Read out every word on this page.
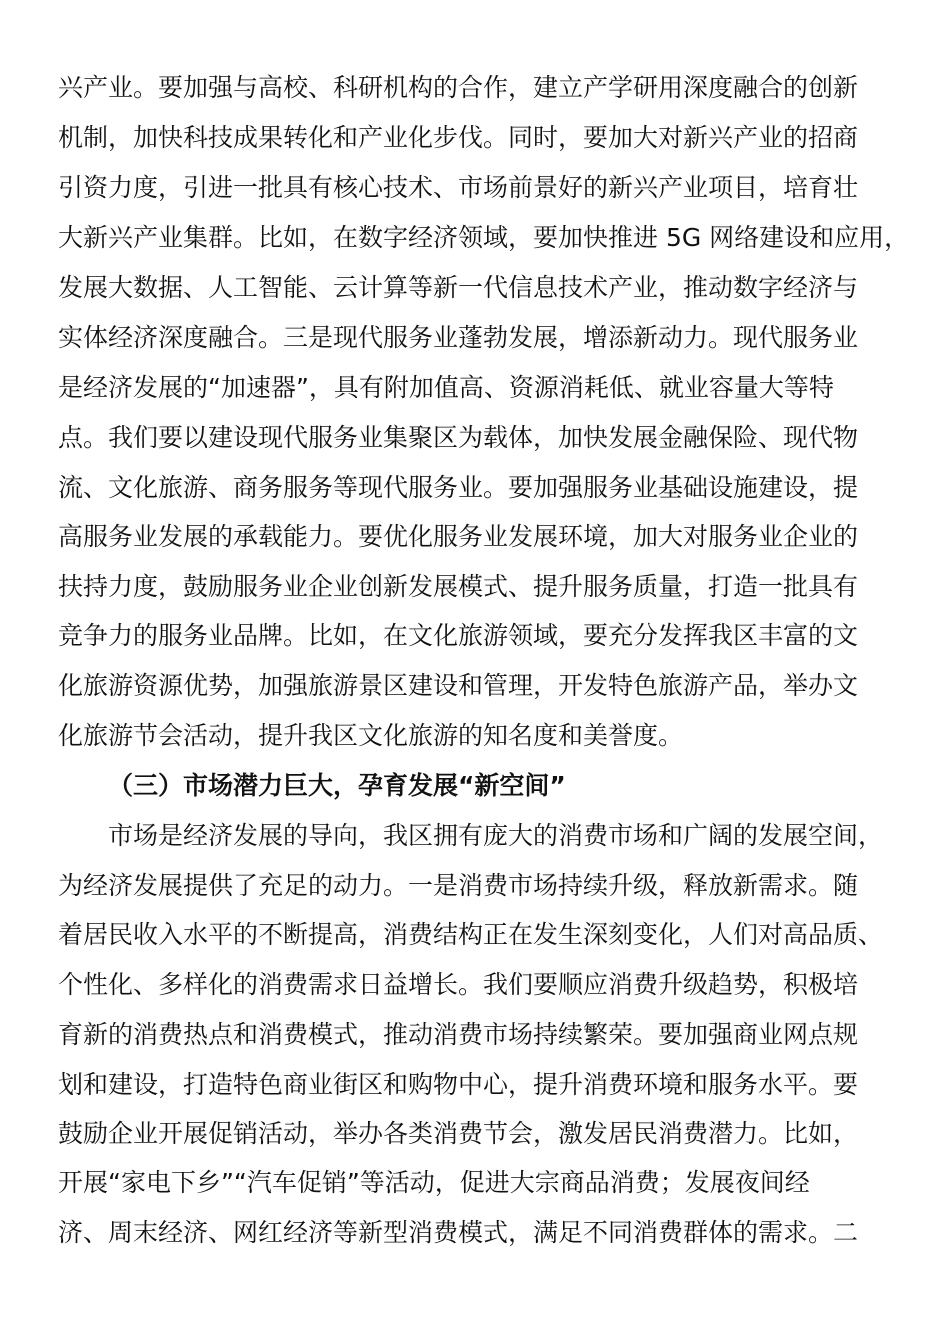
兴产业。要加强与高校、科研机构的合作，建立产学研用深度融合的创新
机制，加快科技成果转化和产业化步伐。同时，要加大对新兴产业的招商
引资力度，引进一批具有核心技术、市场前景好的新兴产业项目，培育壮
大新兴产业集群。比如，在数字经济领域，要加快推进 5G 网络建设和应用，
发展大数据、人工智能、云计算等新一代信息技术产业，推动数字经济与
实体经济深度融合。三是现代服务业蓬勃发展，增添新动力。现代服务业
是经济发展的“加速器”，具有附加值高、资源消耗低、就业容量大等特
点。我们要以建设现代服务业集聚区为载体，加快发展金融保险、现代物
流、文化旅游、商务服务等现代服务业。要加强服务业基础设施建设，提
高服务业发展的承载能力。要优化服务业发展环境，加大对服务业企业的
扶持力度，鼓励服务业企业创新发展模式、提升服务质量，打造一批具有
竞争力的服务业品牌。比如，在文化旅游领域，要充分发挥我区丰富的文
化旅游资源优势，加强旅游景区建设和管理，开发特色旅游产品，举办文
化旅游节会活动，提升我区文化旅游的知名度和美誉度。
（三）市场潜力巨大，孕育发展“新空间”
市场是经济发展的导向，我区拥有庞大的消费市场和广阔的发展空间，
为经济发展提供了充足的动力。一是消费市场持续升级，释放新需求。随
着居民收入水平的不断提高，消费结构正在发生深刻变化，人们对高品质、
个性化、多样化的消费需求日益增长。我们要顺应消费升级趋势，积极培
育新的消费热点和消费模式，推动消费市场持续繁荣。要加强商业网点规
划和建设，打造特色商业街区和购物中心，提升消费环境和服务水平。要
鼓励企业开展促销活动，举办各类消费节会，激发居民消费潜力。比如，
开展“家电下乡”“汽车促销”等活动，促进大宗商品消费；发展夜间经
济、周末经济、网红经济等新型消费模式，满足不同消费群体的需求。二
